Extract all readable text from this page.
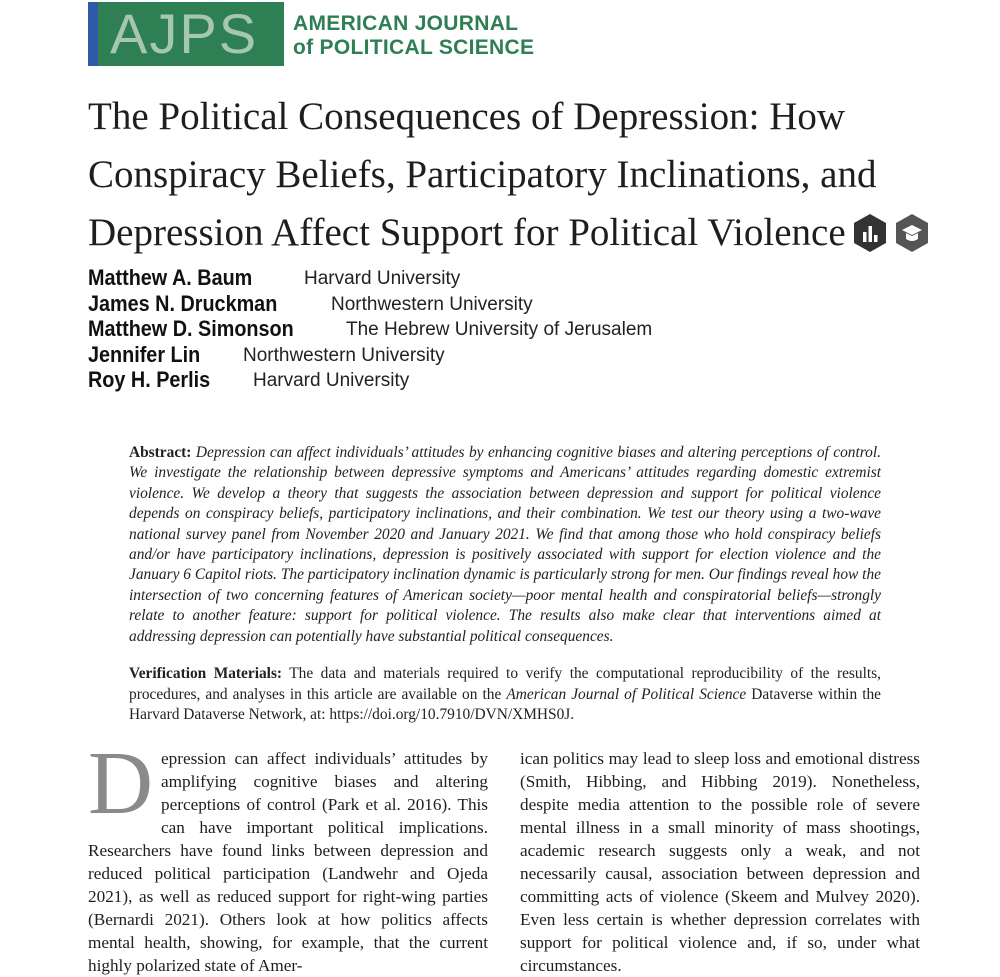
AJPS AMERICAN JOURNAL
of POLITICAL SCIENCE
The Political Consequences of Depression: How
Conspiracy Beliefs, Participatory Inclinations, and
Depression Affect Support for Political Violence
Matthew A. Baum	Harvard University
James N. Druckman	Northwestern University
Matthew D. Simonson	The Hebrew University of Jerusalem
Jennifer Lin Northwestern University
Roy H. Perlis Harvard University
Abstract: Depression can affect individuals’ attitudes by enhancing cognitive biases and altering perceptions of control. We investigate the relationship between depressive symptoms and Americans’ attitudes regarding domestic extremist violence. We develop a theory that suggests the association between depression and support for political violence depends on conspiracy beliefs, participatory inclinations, and their combination. We test our theory using a two-wave national survey panel from November 2020 and January 2021. We find that among those who hold conspiracy beliefs and/or have participatory inclinations, depression is positively associated with support for election violence and the January 6 Capitol riots. The participatory inclination dynamic is particularly strong for men. Our findings reveal how the intersection of two concerning features of American society—poor mental health and conspiratorial beliefs—strongly relate to another feature: support for political violence. The results also make clear that interventions aimed at addressing depression can potentially have substantial political consequences.
Verification Materials: The data and materials required to verify the computational reproducibility of the results, procedures, and analyses in this article are available on the American Journal of Political Science Dataverse within the Harvard Dataverse Network, at: https://doi.org/10.7910/DVN/XMHS0J.
D epression can affect individuals’ attitudes by amplifying cognitive biases and altering perceptions of control (Park et al. 2016). This can have important political implications. Researchers have found links between depression and reduced political participation (Landwehr and Ojeda 2021), as well as reduced support for right-wing parties (Bernardi 2021). Others look at how politics affects mental health, showing, for example, that the current highly polarized state of Amer-
ican politics may lead to sleep loss and emotional distress (Smith, Hibbing, and Hibbing 2019). Nonetheless, despite media attention to the possible role of severe mental illness in a small minority of mass shootings, academic research suggests only a weak, and not necessarily causal, association between depression and committing acts of violence (Skeem and Mulvey 2020). Even less certain is whether depression correlates with support for political violence and, if so, under what circumstances.
